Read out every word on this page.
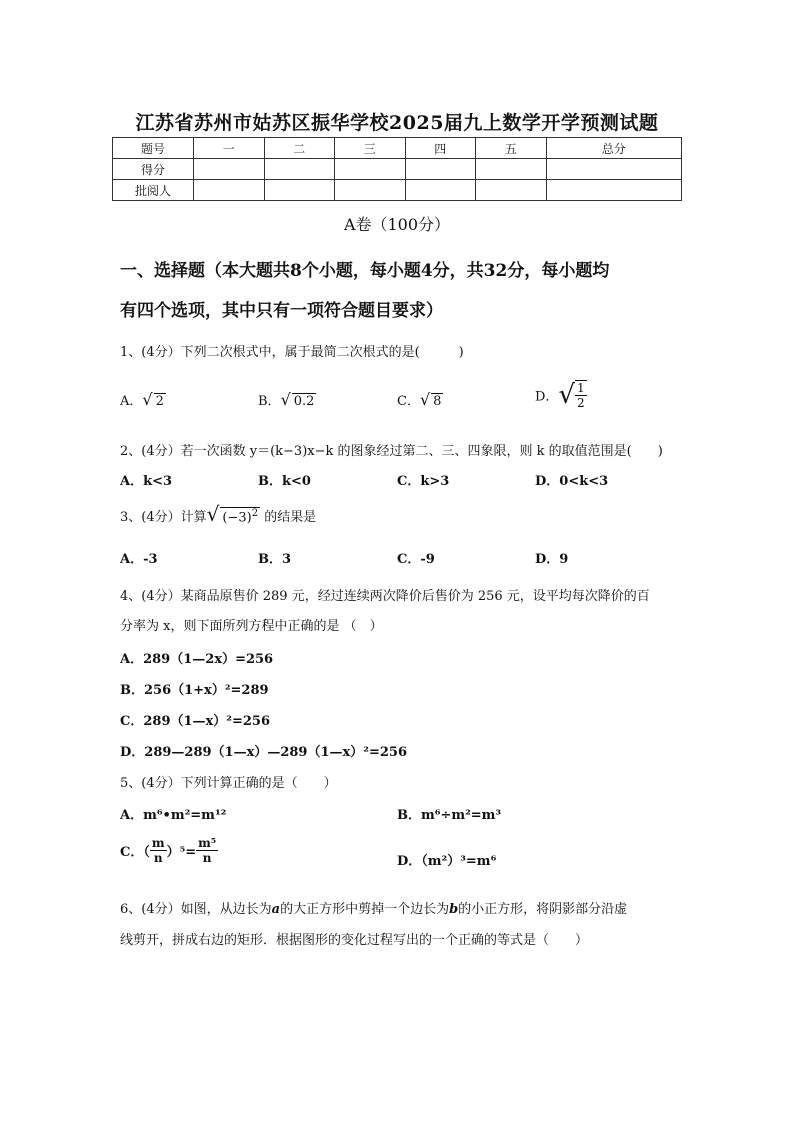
江苏省苏州市姑苏区振华学校2025届九上数学开学预测试题
题号	一	二	三	四	五	总分
得分						
批阅人						
A卷（100分）
一、选择题（本大题共8个小题，每小题4分，共32分，每小题均
有四个选项，其中只有一项符合题目要求）
1、(4分）下列二次根式中，属于最简二次根式的是(　　　)
A．√ 2	B．√ 0.2	C．√ 8	D．√ $\frac{1}{2}$
2、(4分）若一次函数 y＝(k−3)x−k 的图象经过第二、三、四象限，则 k 的取值范围是(　　)
A．k<3	B．k<0	C．k>3	D．0<k<3
3、(4分）计算√ $(-3)^2$ 的结果是
A．-3	B．3	C．-9	D．9
4、(4分）某商品原售价 289 元，经过连续两次降价后售价为 256 元，设平均每次降价的百
分率为 x，则下面所列方程中正确的是 （　）
A．289（1—2x）=256
B．256（1+x）²=289
C．289（1—x）²=256
D．289—289（1—x）—289（1—x）²=256
5、(4分）下列计算正确的是（　　）
A．m⁶•m²=m¹²	B．m⁶÷m²=m³
C．（ $\frac{m}{n} )^5= \frac{\text{m⁵}}{n}$	D．（m²）³=m⁶
6、(4分）如图，从边长为a的大正方形中剪掉一个边长为b的小正方形，将阴影部分沿虚
线剪开，拼成右边的矩形．根据图形的变化过程写出的一个正确的等式是（　　）
